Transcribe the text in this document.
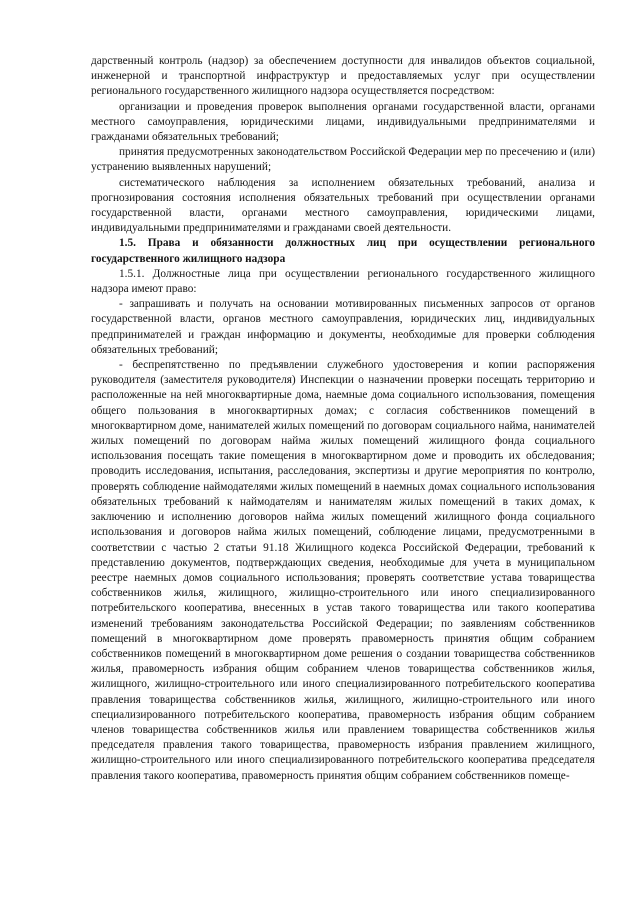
дарственный контроль (надзор) за обеспечением доступности для инвалидов объектов социальной, инженерной и транспортной инфраструктур и предоставляемых услуг при осуществлении регионального государственного жилищного надзора осуществляется посредством:

организации и проведения проверок выполнения органами государственной власти, органами местного самоуправления, юридическими лицами, индивидуальными предпринимателями и гражданами обязательных требований;

принятия предусмотренных законодательством Российской Федерации мер по пресечению и (или) устранению выявленных нарушений;

систематического наблюдения за исполнением обязательных требований, анализа и прогнозирования состояния исполнения обязательных требований при осуществлении органами государственной власти, органами местного самоуправления, юридическими лицами, индивидуальными предпринимателями и гражданами своей деятельности.

1.5. Права и обязанности должностных лиц при осуществлении регионального государственного жилищного надзора

1.5.1. Должностные лица при осуществлении регионального государственного жилищного надзора имеют право:

- запрашивать и получать на основании мотивированных письменных запросов от органов государственной власти, органов местного самоуправления, юридических лиц, индивидуальных предпринимателей и граждан информацию и документы, необходимые для проверки соблюдения обязательных требований;

- беспрепятственно по предъявлении служебного удостоверения и копии распоряжения руководителя (заместителя руководителя) Инспекции о назначении проверки посещать территорию и расположенные на ней многоквартирные дома, наемные дома социального использования, помещения общего пользования в многоквартирных домах; с согласия собственников помещений в многоквартирном доме, нанимателей жилых помещений по договорам социального найма, нанимателей жилых помещений по договорам найма жилых помещений жилищного фонда социального использования посещать такие помещения в многоквартирном доме и проводить их обследования; проводить исследования, испытания, расследования, экспертизы и другие мероприятия по контролю, проверять соблюдение наймодателями жилых помещений в наемных домах социального использования обязательных требований к наймодателям и нанимателям жилых помещений в таких домах, к заключению и исполнению договоров найма жилых помещений жилищного фонда социального использования и договоров найма жилых помещений, соблюдение лицами, предусмотренными в соответствии с частью 2 статьи 91.18 Жилищного кодекса Российской Федерации, требований к представлению документов, подтверждающих сведения, необходимые для учета в муниципальном реестре наемных домов социального использования; проверять соответствие устава товарищества собственников жилья, жилищного, жилищно-строительного или иного специализированного потребительского кооператива, внесенных в устав такого товарищества или такого кооператива изменений требованиям законодательства Российской Федерации; по заявлениям собственников помещений в многоквартирном доме проверять правомерность принятия общим собранием собственников помещений в многоквартирном доме решения о создании товарищества собственников жилья, правомерность избрания общим собранием членов товарищества собственников жилья, жилищного, жилищно-строительного или иного специализированного потребительского кооператива правления товарищества собственников жилья, жилищного, жилищно-строительного или иного специализированного потребительского кооператива, правомерность избрания общим собранием членов товарищества собственников жилья или правлением товарищества собственников жилья председателя правления такого товарищества, правомерность избрания правлением жилищного, жилищно-строительного или иного специализированного потребительского кооператива председателя правления такого кооператива, правомерность принятия общим собранием собственников помеще-
